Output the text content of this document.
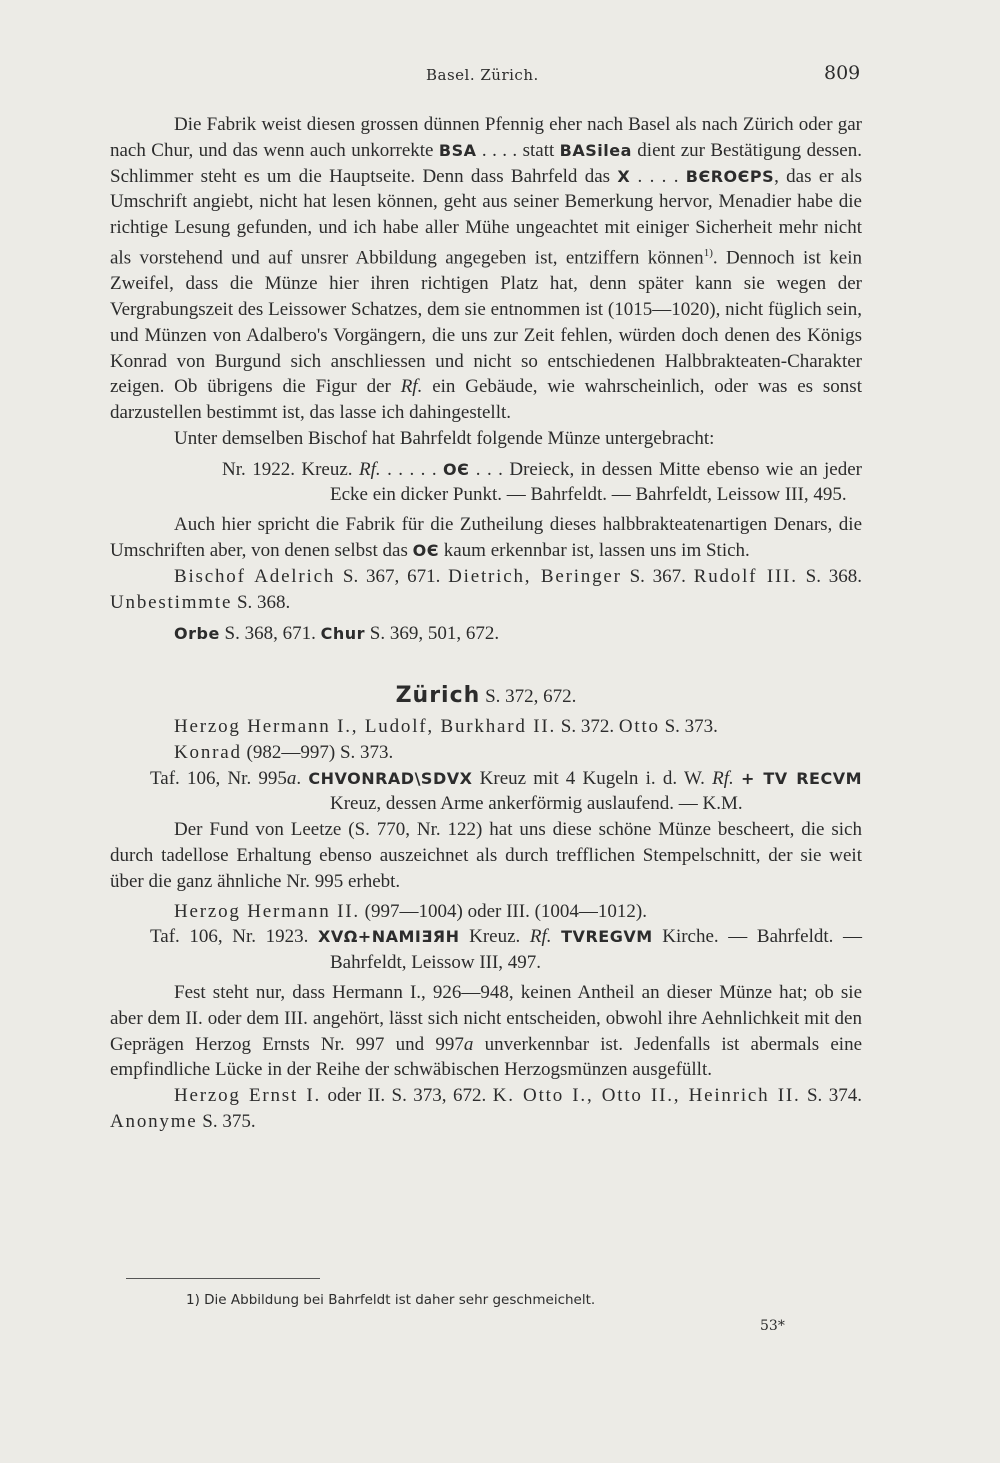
Basel. Zürich.	809

Die Fabrik weist diesen grossen dünnen Pfennig eher nach Basel als nach Zürich oder gar nach Chur, und das wenn auch unkorrekte BSA . . . . statt BASilea dient zur Bestätigung dessen. Schlimmer steht es um die Hauptseite. Denn dass Bahrfeld das X . . . . BЄROЄPS, das er als Umschrift angiebt, nicht hat lesen können, geht aus seiner Bemerkung hervor, Menadier habe die richtige Lesung gefunden, und ich habe aller Mühe ungeachtet mit einiger Sicherheit mehr nicht als vorstehend und auf unsrer Abbildung angegeben ist, entziffern können$^{1)}$. Dennoch ist kein Zweifel, dass die Münze hier ihren richtigen Platz hat, denn später kann sie wegen der Vergrabungszeit des Leissower Schatzes, dem sie entnommen ist (1015—1020), nicht füglich sein, und Münzen von Adalbero's Vorgängern, die uns zur Zeit fehlen, würden doch denen des Königs Konrad von Burgund sich anschliessen und nicht so entschiedenen Halbbrakteaten-Charakter zeigen. Ob übrigens die Figur der Rf. ein Gebäude, wie wahrscheinlich, oder was es sonst darzustellen bestimmt ist, das lasse ich dahingestellt.

Unter demselben Bischof hat Bahrfeldt folgende Münze untergebracht:

Nr. 1922. Kreuz. Rf. . . . . . OЄ . . . Dreieck, in dessen Mitte ebenso wie an jeder Ecke ein dicker Punkt. — Bahrfeldt. — Bahrfeldt, Leissow III, 495.

Auch hier spricht die Fabrik für die Zutheilung dieses halbbrakteatenartigen Denars, die Umschriften aber, von denen selbst das OЄ kaum erkennbar ist, lassen uns im Stich.

Bischof Adelrich S. 367, 671. Dietrich, Beringer S. 367. Rudolf III. S. 368. Unbestimmte S. 368.

Orbe S. 368, 671. Chur S. 369, 501, 672.

Zürich S. 372, 672.

Herzog Hermann I., Ludolf, Burkhard II. S. 372. Otto S. 373.

Konrad (982—997) S. 373.

Taf. 106, Nr. 995a. CHVONRAD\SDVX Kreuz mit 4 Kugeln i. d. W. Rf. + TV RECVM Kreuz, dessen Arme ankerförmig auslaufend. — K.M.

Der Fund von Leetze (S. 770, Nr. 122) hat uns diese schöne Münze bescheert, die sich durch tadellose Erhaltung ebenso auszeichnet als durch trefflichen Stempelschnitt, der sie weit über die ganz ähnliche Nr. 995 erhebt.

Herzog Hermann II. (997—1004) oder III. (1004—1012).

Taf. 106, Nr. 1923. XVΩ+NAMIƎЯH Kreuz. Rf. TVREGVM Kirche. — Bahrfeldt. — Bahrfeldt, Leissow III, 497.

Fest steht nur, dass Hermann I., 926—948, keinen Antheil an dieser Münze hat; ob sie aber dem II. oder dem III. angehört, lässt sich nicht entscheiden, obwohl ihre Aehnlichkeit mit den Geprägen Herzog Ernsts Nr. 997 und 997a unverkennbar ist. Jedenfalls ist abermals eine empfindliche Lücke in der Reihe der schwäbischen Herzogsmünzen ausgefüllt.

Herzog Ernst I. oder II. S. 373, 672. K. Otto I., Otto II., Heinrich II. S. 374. Anonyme S. 375.

1) Die Abbildung bei Bahrfeldt ist daher sehr geschmeichelt.
53*
